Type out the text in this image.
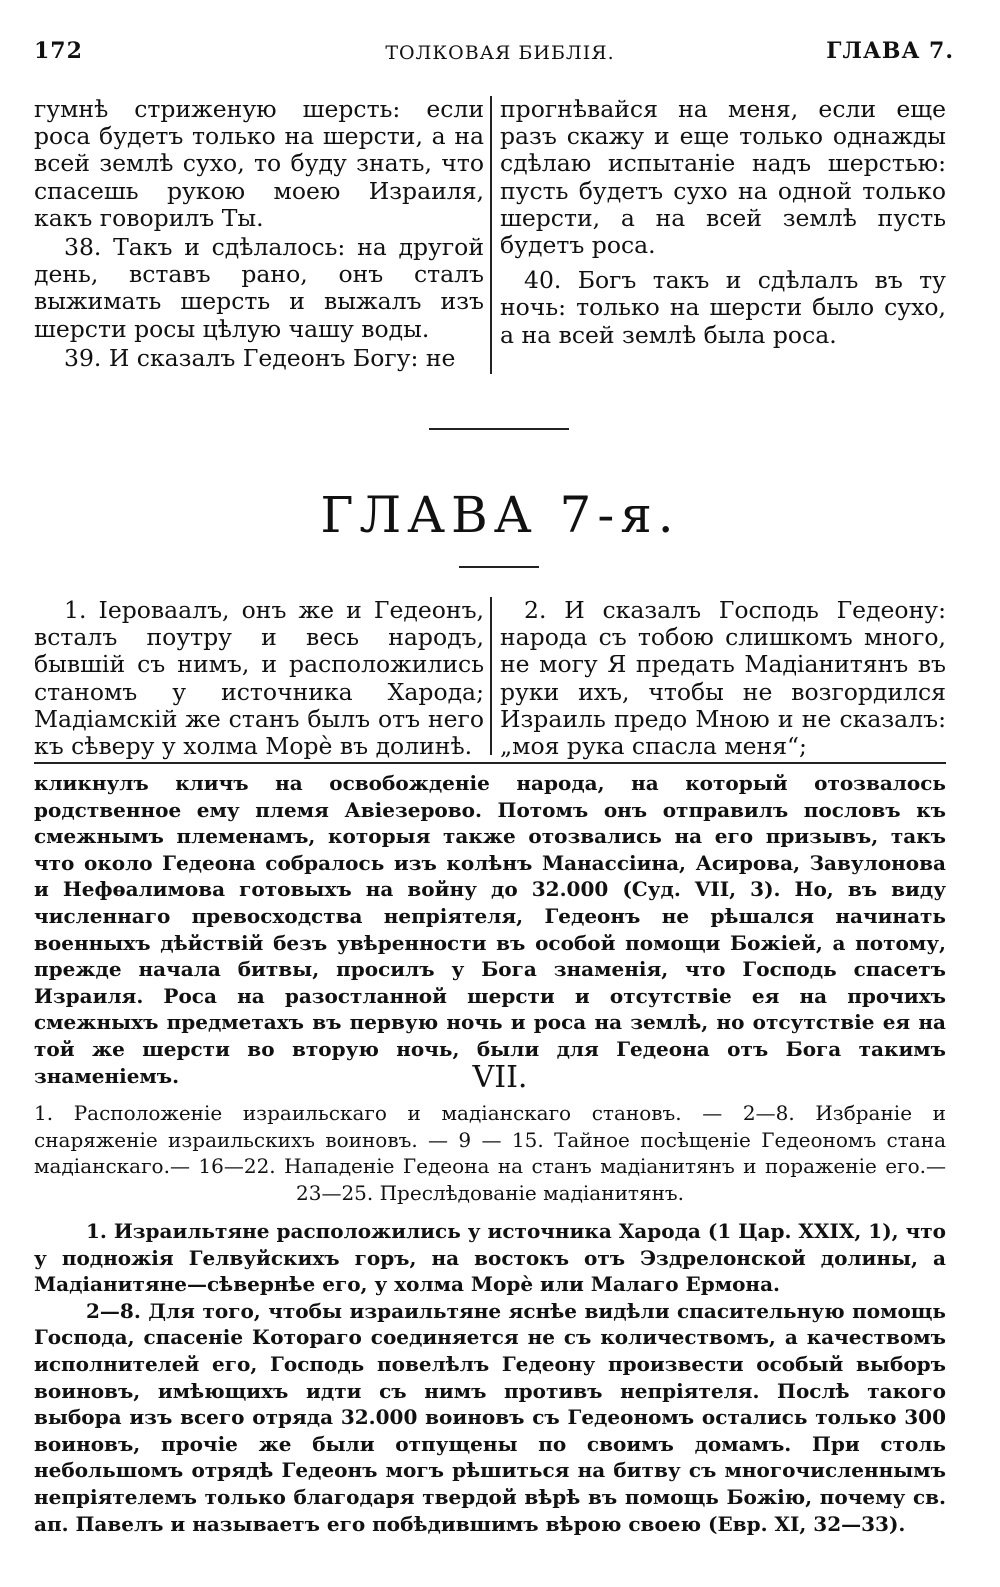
172	ТОЛКОВАЯ БИБЛІЯ.	ГЛАВА 7.

гумнѣ стриженую шерсть: если роса будетъ только на шерсти, а на всей землѣ сухо, то буду знать, что спасешь рукою моею Израиля, какъ говорилъ Ты.

38. Такъ и сдѣлалось: на другой день, вставъ рано, онъ сталъ выжимать шерсть и выжалъ изъ шерсти росы цѣлую чашу воды.

39. И сказалъ Гедеонъ Богу: не

прогнѣвайся на меня, если еще разъ скажу и еще только однажды сдѣлаю испытаніе надъ шерстью: пусть будетъ сухо на одной только шерсти, а на всей землѣ пусть будетъ роса.

40. Богъ такъ и сдѣлалъ въ ту ночь: только на шерсти было сухо, а на всей землѣ была роса.

ГЛАВА 7-я.
1. Іероваалъ, онъ же и Гедеонъ, всталъ поутру и весь народъ, бывшій съ нимъ, и расположились станомъ у источника Харода; Мадіамскій же станъ былъ отъ него къ сѣверу у холма Морѐ въ долинѣ.
2. И сказалъ Господь Гедеону: народа съ тобою слишкомъ много, не могу Я предать Мадіанитянъ въ руки ихъ, чтобы не возгордился Израиль предо Мною и не сказалъ: „моя рука спасла меня“;
кликнулъ кличъ на освобожденіе народа, на который отозвалось родственное ему племя Авіезерово. Потомъ онъ отправилъ пословъ къ смежнымъ племенамъ, которыя также отозвались на его призывъ, такъ что около Гедеона собралось изъ колѣнъ Манассіина, Асирова, Завулонова и Нефѳалимова готовыхъ на войну до 32.000 (Суд. VII, 3). Но, въ виду численнаго превосходства непріятеля, Гедеонъ не рѣшался начинать военныхъ дѣйствій безъ увѣренности въ особой помощи Божіей, а потому, прежде начала битвы, просилъ у Бога знаменія, что Господь спасетъ Израиля. Роса на разостланной шерсти и отсутствіе ея на прочихъ смежныхъ предметахъ въ первую ночь и роса на землѣ, но отсутствіе ея на той же шерсти во вторую ночь, были для Гедеона отъ Бога такимъ знаменіемъ.	VII.
1. Расположеніе израильскаго и мадіанскаго становъ. — 2—8. Избраніе и снаряженіе израильскихъ воиновъ. — 9 — 15. Тайное посѣщеніе Гедеономъ стана мадіанскаго.— 16—22. Нападеніе Гедеона на станъ мадіанитянъ и пораженіе его.—23—25. Преслѣдованіе мадіанитянъ.

1. Израильтяне расположились у источника Харода (1 Цар. XXIX, 1), что у подножія Гелвуйскихъ горъ, на востокъ отъ Эздрелонской долины, а Мадіанитяне—сѣвернѣе его, у холма Морѐ или Малаго Ермона.

2—8. Для того, чтобы израильтяне яснѣе видѣли спасительную помощь Господа, спасеніе Котораго соединяется не съ количествомъ, а качествомъ исполнителей его, Господь повелѣлъ Гедеону произвести особый выборъ воиновъ, имѣющихъ идти съ нимъ противъ непріятеля. Послѣ такого выбора изъ всего отряда 32.000 воиновъ съ Гедеономъ остались только 300 воиновъ, прочіе же были отпущены по своимъ домамъ. При столь небольшомъ отрядѣ Гедеонъ могъ рѣшиться на битву съ многочисленнымъ непріятелемъ только благодаря твердой вѣрѣ въ помощь Божію, почему св. ап. Павелъ и называетъ его побѣдившимъ вѣрою своею (Евр. XI, 32—33).
